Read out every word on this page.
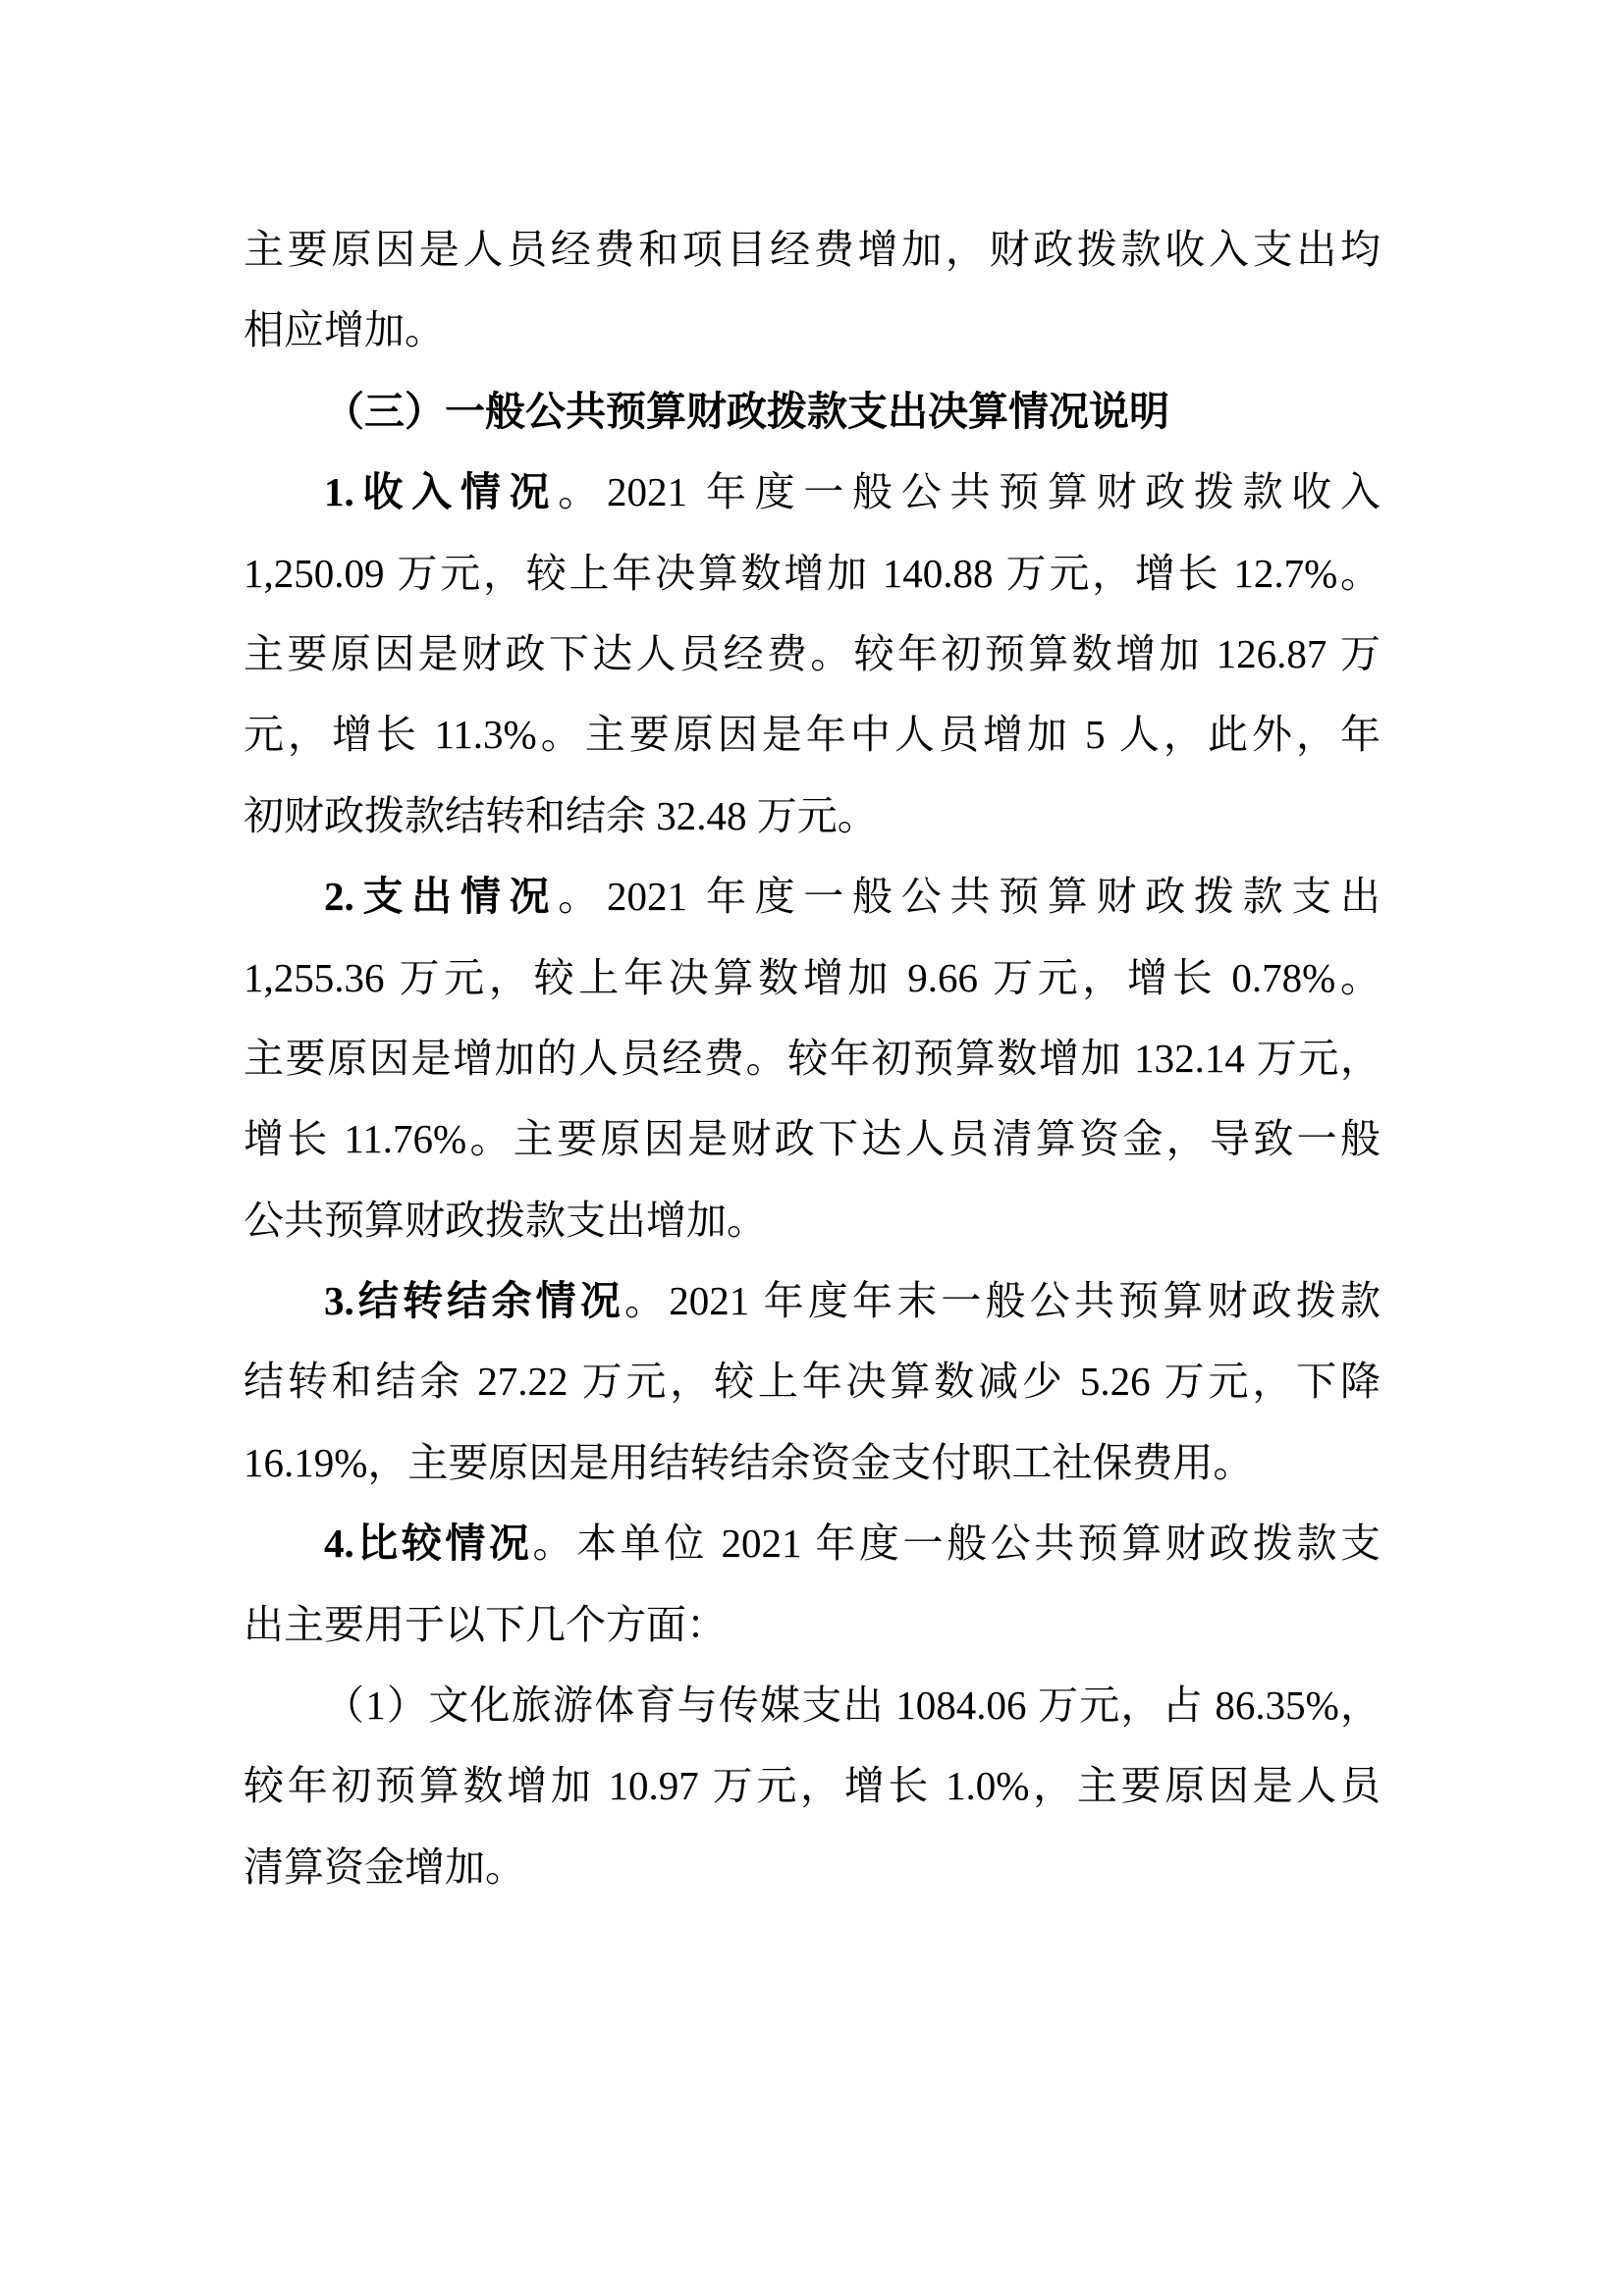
主要原因是人员经费和项目经费增加，财政拨款收入支出均
相应增加。
（三）一般公共预算财政拨款支出决算情况说明
1.收入情况。2021 年度一般公共预算财政拨款收入
1,250.09 万元，较上年决算数增加 140.88 万元，增长 12.7%。
主要原因是财政下达人员经费。较年初预算数增加 126.87 万
元，增长 11.3%。主要原因是年中人员增加 5 人，此外，年
初财政拨款结转和结余 32.48 万元。
2.支出情况。2021 年度一般公共预算财政拨款支出
1,255.36 万元，较上年决算数增加 9.66 万元，增长 0.78%。
主要原因是增加的人员经费。较年初预算数增加 132.14 万元，
增长 11.76%。主要原因是财政下达人员清算资金，导致一般
公共预算财政拨款支出增加。
3.结转结余情况。2021 年度年末一般公共预算财政拨款
结转和结余 27.22 万元，较上年决算数减少 5.26 万元，下降
16.19%，主要原因是用结转结余资金支付职工社保费用。
4.比较情况。本单位 2021 年度一般公共预算财政拨款支
出主要用于以下几个方面：
（1）文化旅游体育与传媒支出 1084.06 万元，占 86.35%，
较年初预算数增加 10.97 万元，增长 1.0%，主要原因是人员
清算资金增加。
